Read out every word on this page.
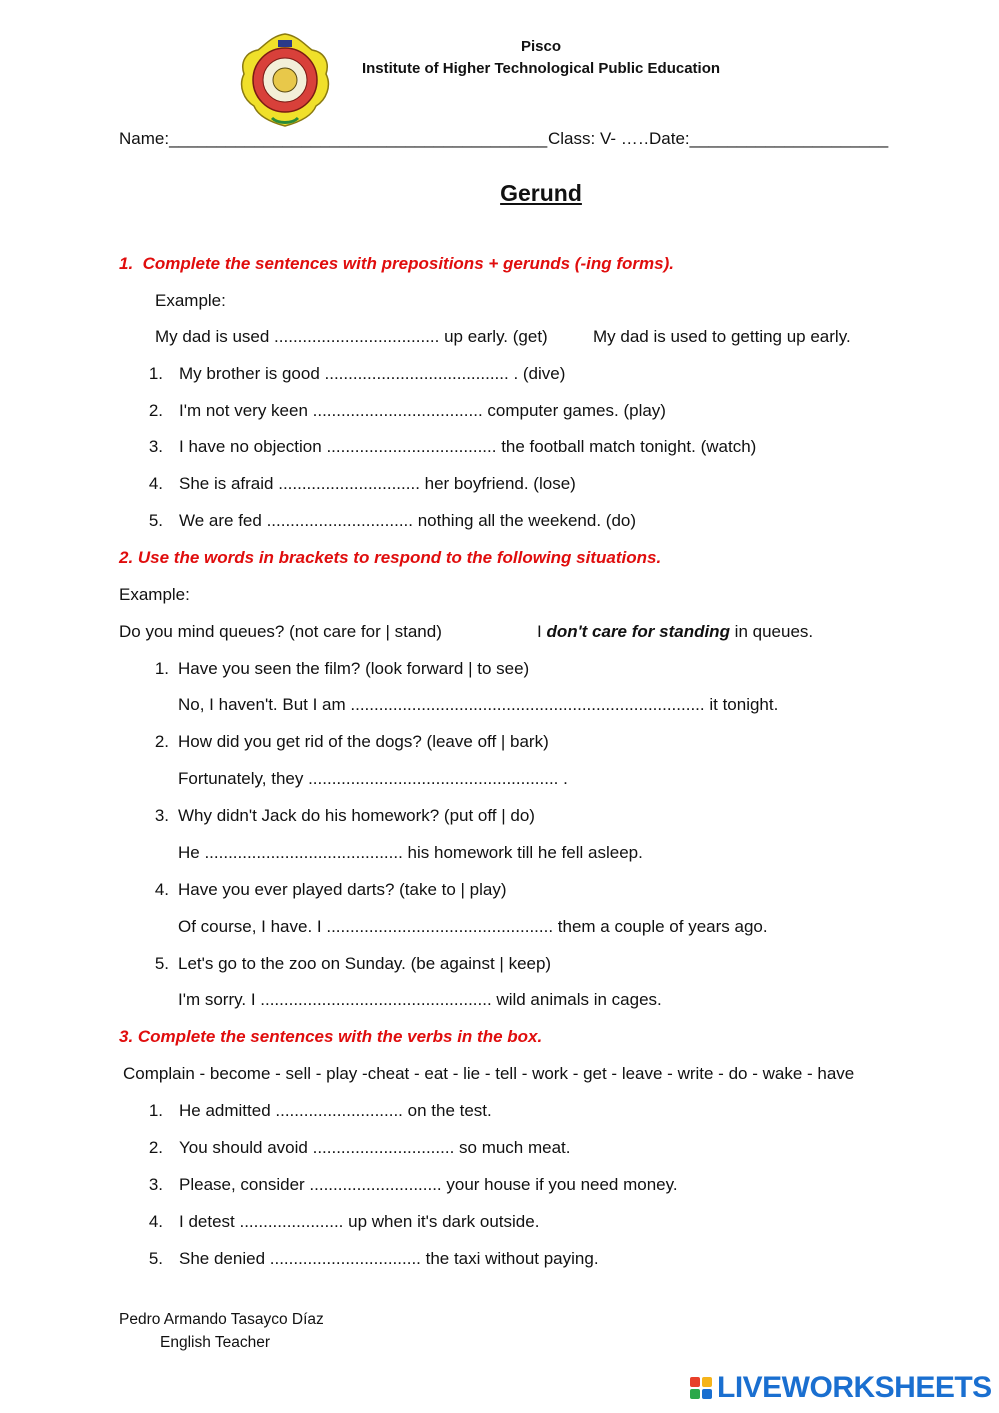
Pisco
Institute of Higher Technological Public Education
Name:________________________________________ Class: V- ……
Date:_____________________
Gerund
1. Complete the sentences with prepositions + gerunds (-ing forms).
Example:
My dad is used ................................... up early. (get)	My dad is used to getting up early.
1. My brother is good ....................................... . (dive)
2. I'm not very keen .................................... computer games. (play)
3. I have no objection .................................... the football match tonight. (watch)
4. She is afraid .............................. her boyfriend. (lose)
5. We are fed ............................... nothing all the weekend. (do)
2. Use the words in brackets to respond to the following situations.
Example:
Do you mind queues? (not care for | stand)	I don't care for standing in queues.
1. Have you seen the film? (look forward | to see)
No, I haven't. But I am ........................................................................... it tonight.
2. How did you get rid of the dogs? (leave off | bark)
Fortunately, they ..................................................... .
3. Why didn't Jack do his homework? (put off | do)
He .......................................... his homework till he fell asleep.
4. Have you ever played darts? (take to | play)
Of course, I have. I ................................................ them a couple of years ago.
5. Let's go to the zoo on Sunday. (be against | keep)
I'm sorry. I ................................................. wild animals in cages.
3. Complete the sentences with the verbs in the box.
Complain - become - sell - play -cheat - eat - lie - tell - work - get - leave - write - do - wake - have
1. He admitted ........................... on the test.
2. You should avoid .............................. so much meat.
3. Please, consider ............................ your house if you need money.
4. I detest ...................... up when it's dark outside.
5. She denied ................................ the taxi without paying.
Pedro Armando Tasayco Díaz
English Teacher
LIVEWORKSHEETS
